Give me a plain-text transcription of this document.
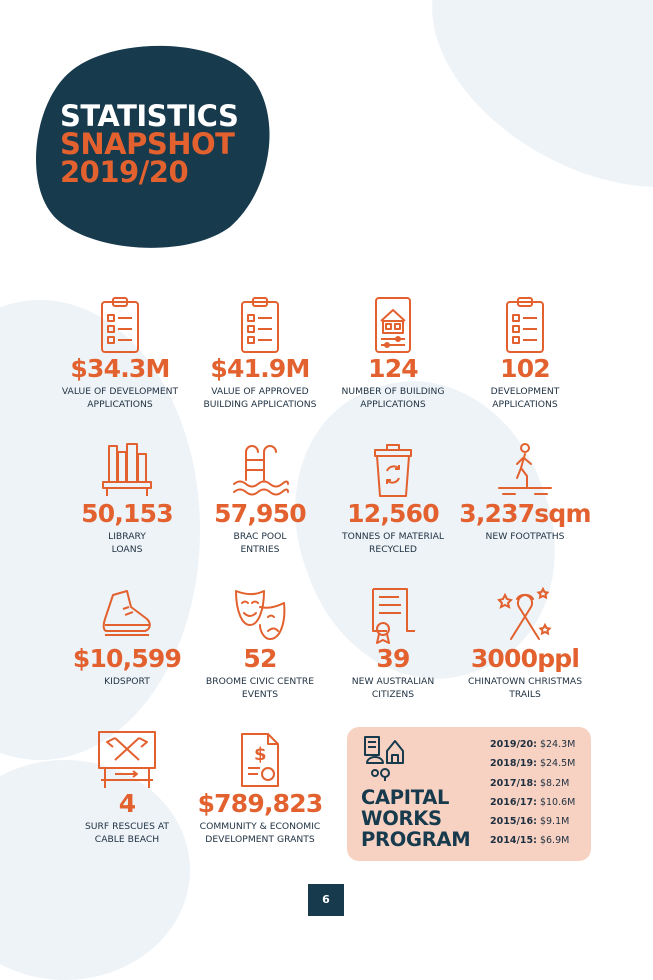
STATISTICS
SNAPSHOT
2019/20
$34.3M
VALUE OF DEVELOPMENT
APPLICATIONS
$41.9M
VALUE OF APPROVED
BUILDING APPLICATIONS
124
NUMBER OF BUILDING
APPLICATIONS
102
DEVELOPMENT
APPLICATIONS
50,153
LIBRARY
LOANS
57,950
BRAC POOL
ENTRIES
12,560
TONNES OF MATERIAL
RECYCLED
3,237sqm
NEW FOOTPATHS
$10,599
KIDSPORT
52
BROOME CIVIC CENTRE
EVENTS
39
NEW AUSTRALIAN
CITIZENS
3000ppl
CHINATOWN CHRISTMAS
TRAILS
4
SURF RESCUES AT
CABLE BEACH
$
$789,823
COMMUNITY & ECONOMIC
DEVELOPMENT GRANTS
CAPITAL
WORKS
PROGRAM
2019/20: $24.3M
2018/19: $24.5M
2017/18: $8.2M
2016/17: $10.6M
2015/16: $9.1M
2014/15: $6.9M
6
